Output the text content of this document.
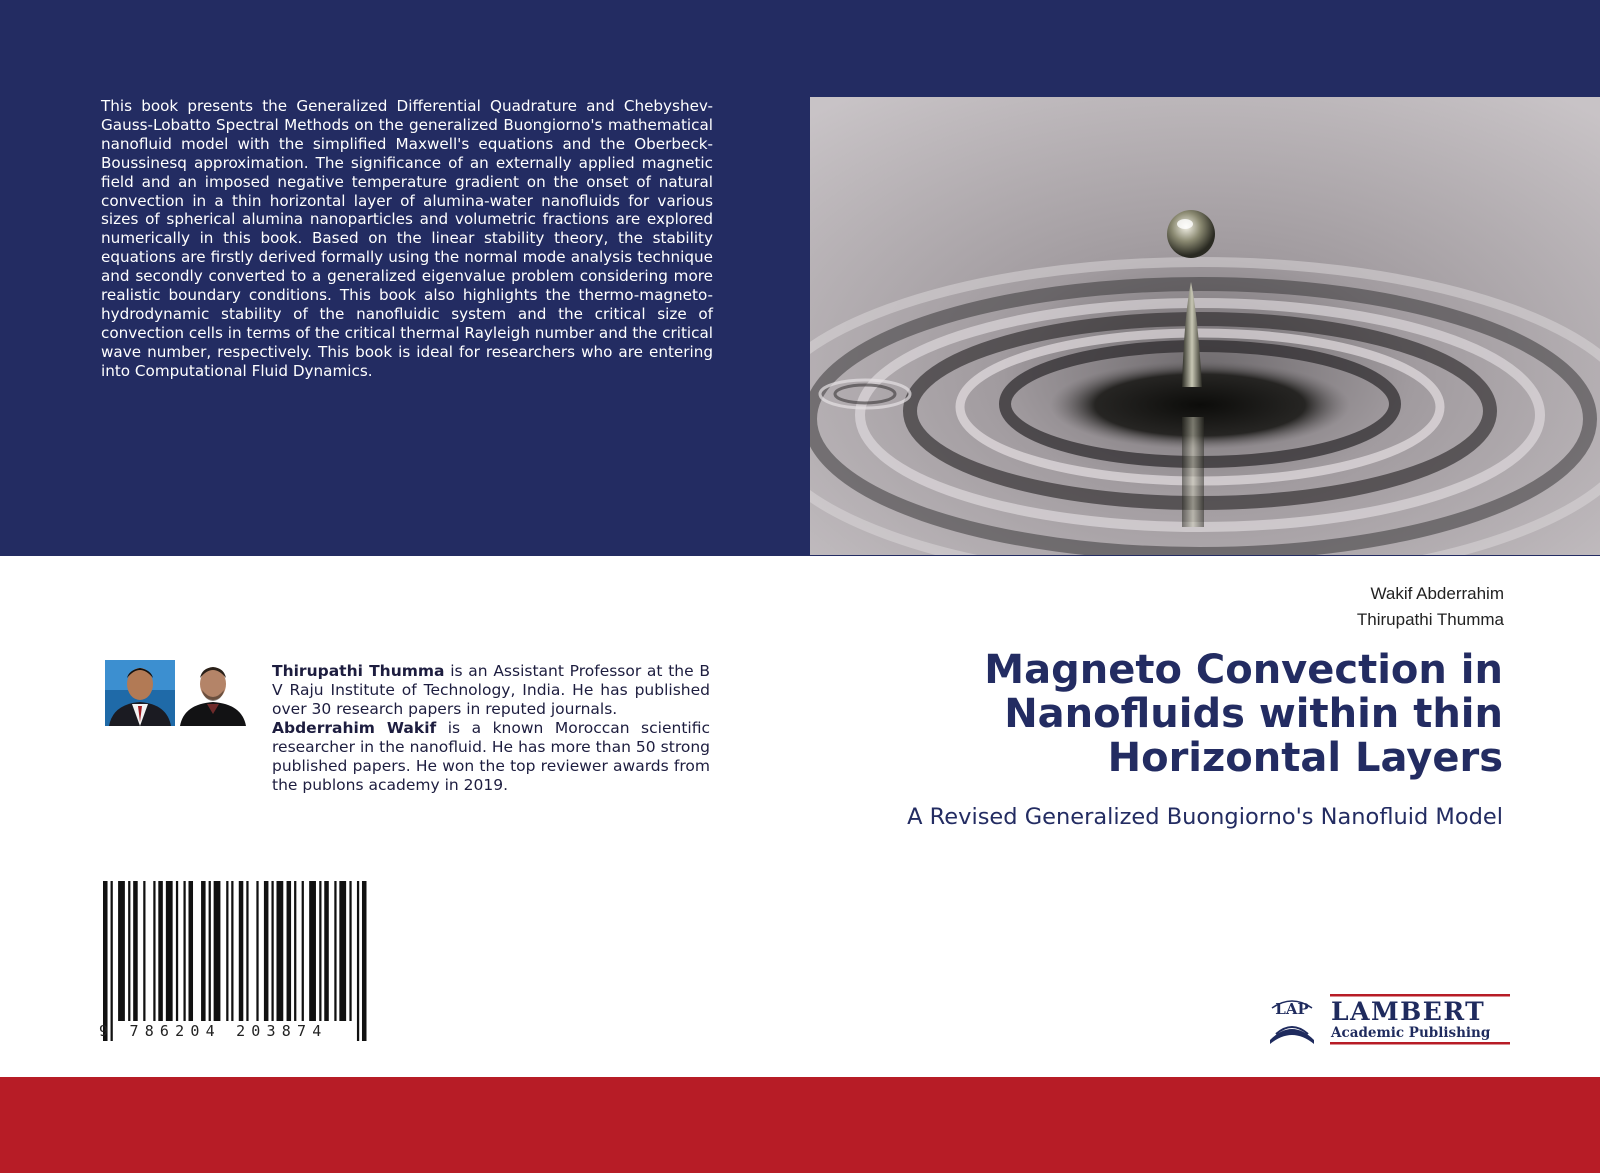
This book presents the Generalized Differential Quadrature and Chebyshev-Gauss-Lobatto Spectral Methods on the generalized Buongiorno's mathematical nanofluid model with the simplified Maxwell's equations and the Oberbeck-Boussinesq approximation. The significance of an externally applied magnetic field and an imposed negative temperature gradient on the onset of natural convection in a thin horizontal layer of alumina-water nanofluids for various sizes of spherical alumina nanoparticles and volumetric fractions are explored numerically in this book. Based on the linear stability theory, the stability equations are firstly derived formally using the normal mode analysis technique and secondly converted to a generalized eigenvalue problem considering more realistic boundary conditions. This book also highlights the thermo-magneto-hydrodynamic stability of the nanofluidic system and the critical size of convection cells in terms of the critical thermal Rayleigh number and the critical wave number, respectively. This book is ideal for researchers who are entering into Computational Fluid Dynamics.

Wakif Abderrahim
Thirupathi Thumma
Magneto Convection in
Nanofluids within thin
Horizontal Layers

A Revised Generalized Buongiorno's Nanofluid Model

Thirupathi Thumma is an Assistant Professor at the B V Raju Institute of Technology, India. He has published over 30 research papers in reputed journals.
Abderrahim Wakif is a known Moroccan scientific researcher in the nanofluid. He has more than 50 strong published papers. He won the top reviewer awards from the publons academy in 2019.

9 786204 203874
LAP LAMBERT
Academic Publishing
